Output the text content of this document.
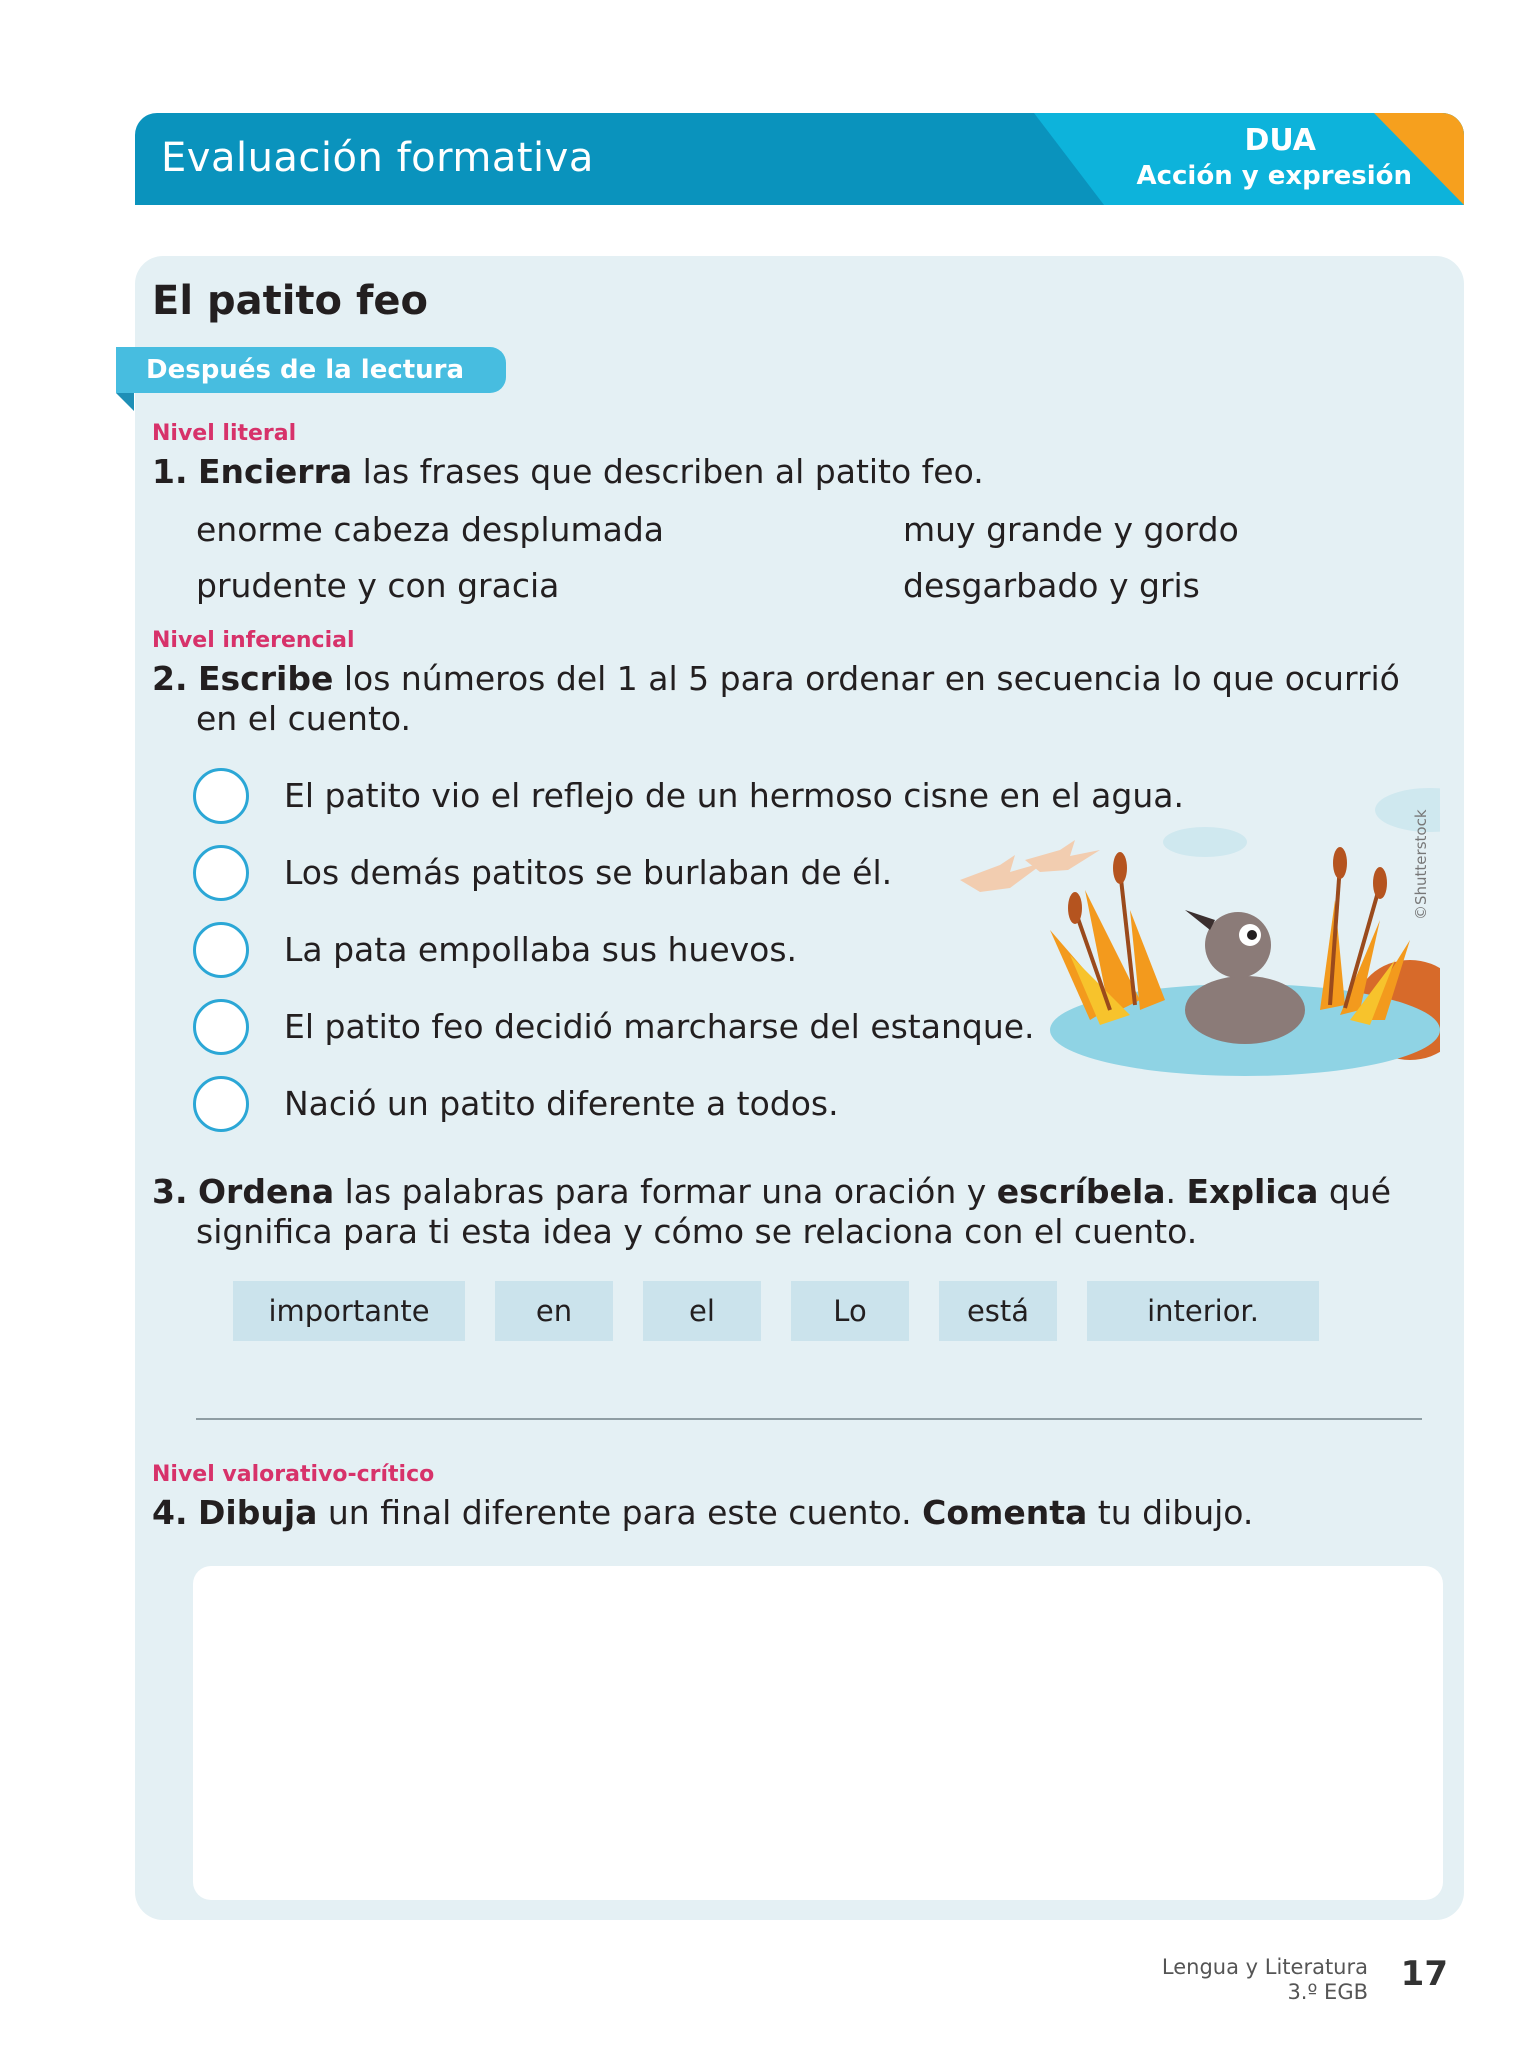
Evaluación formativa	DUA
Acción y expresión
El patito feo
Después de la lectura
Nivel literal
1. Encierra las frases que describen al patito feo.
enorme cabeza desplumada	muy grande y gordo
prudente y con gracia	desgarbado y gris
Nivel inferencial
2. Escribe los números del 1 al 5 para ordenar en secuencia lo que ocurrió
en el cuento.
El patito vio el reflejo de un hermoso cisne en el agua.
Los demás patitos se burlaban de él.
La pata empollaba sus huevos.
El patito feo decidió marcharse del estanque.
Nació un patito diferente a todos.
©Shutterstock
3. Ordena las palabras para formar una oración y escríbela. Explica qué
significa para ti esta idea y cómo se relaciona con el cuento.
importante	en	el	Lo	está	interior.
Nivel valorativo-crítico
4. Dibuja un final diferente para este cuento. Comenta tu dibujo.
Lengua y Literatura
3.º EGB 17
